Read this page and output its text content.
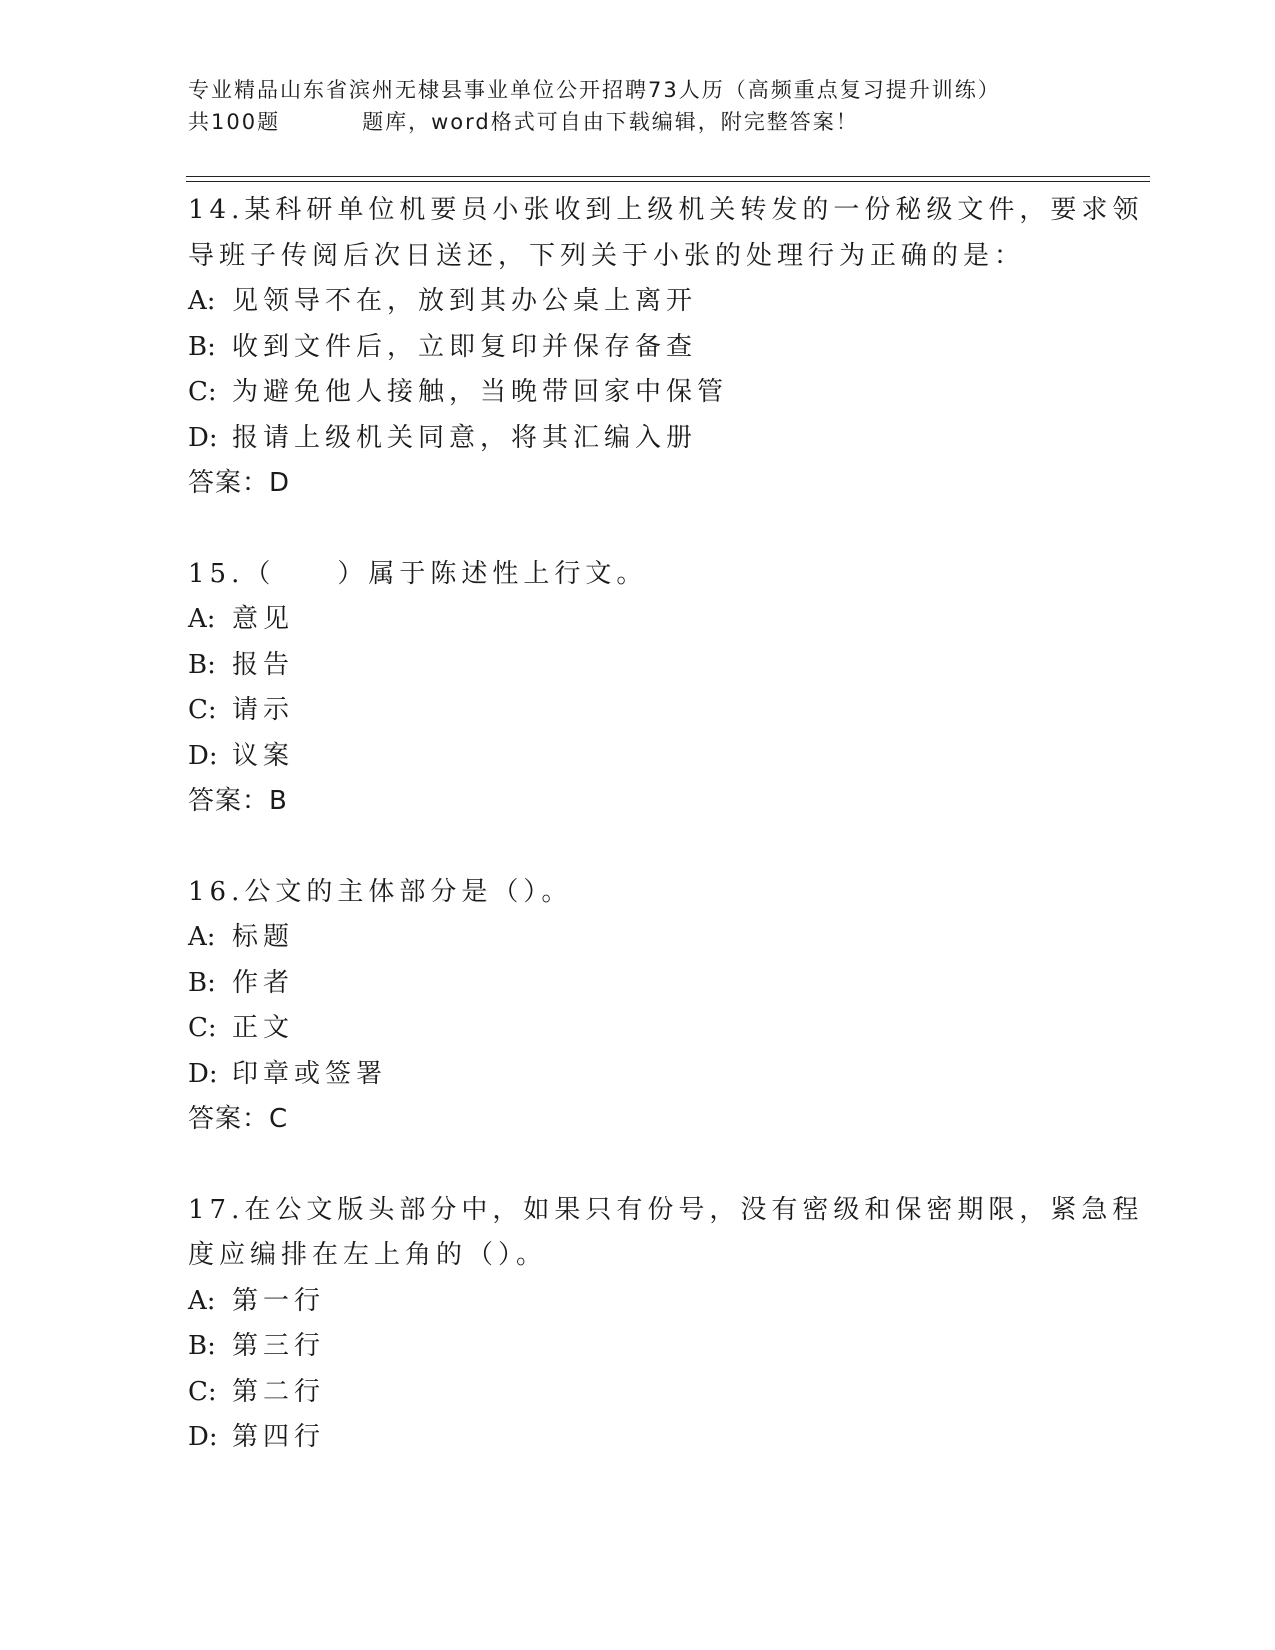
专业精品山东省滨州无棣县事业单位公开招聘73人历（高频重点复习提升训练）
共100题	题库，word格式可自由下载编辑，附完整答案！
14.某科研单位机要员小张收到上级机关转发的一份秘级文件，要求领
导班子传阅后次日送还，下列关于小张的处理行为正确的是：
A: 见领导不在，放到其办公桌上离开
B: 收到文件后，立即复印并保存备查
C: 为避免他人接触，当晚带回家中保管
D: 报请上级机关同意，将其汇编入册
答案：D
15.（　　）属于陈述性上行文。
A: 意见
B: 报告
C: 请示
D: 议案
答案：B
16.公文的主体部分是（）。
A: 标题
B: 作者
C: 正文
D: 印章或签署
答案：C
17.在公文版头部分中，如果只有份号，没有密级和保密期限，紧急程
度应编排在左上角的（）。
A: 第一行
B: 第三行
C: 第二行
D: 第四行
